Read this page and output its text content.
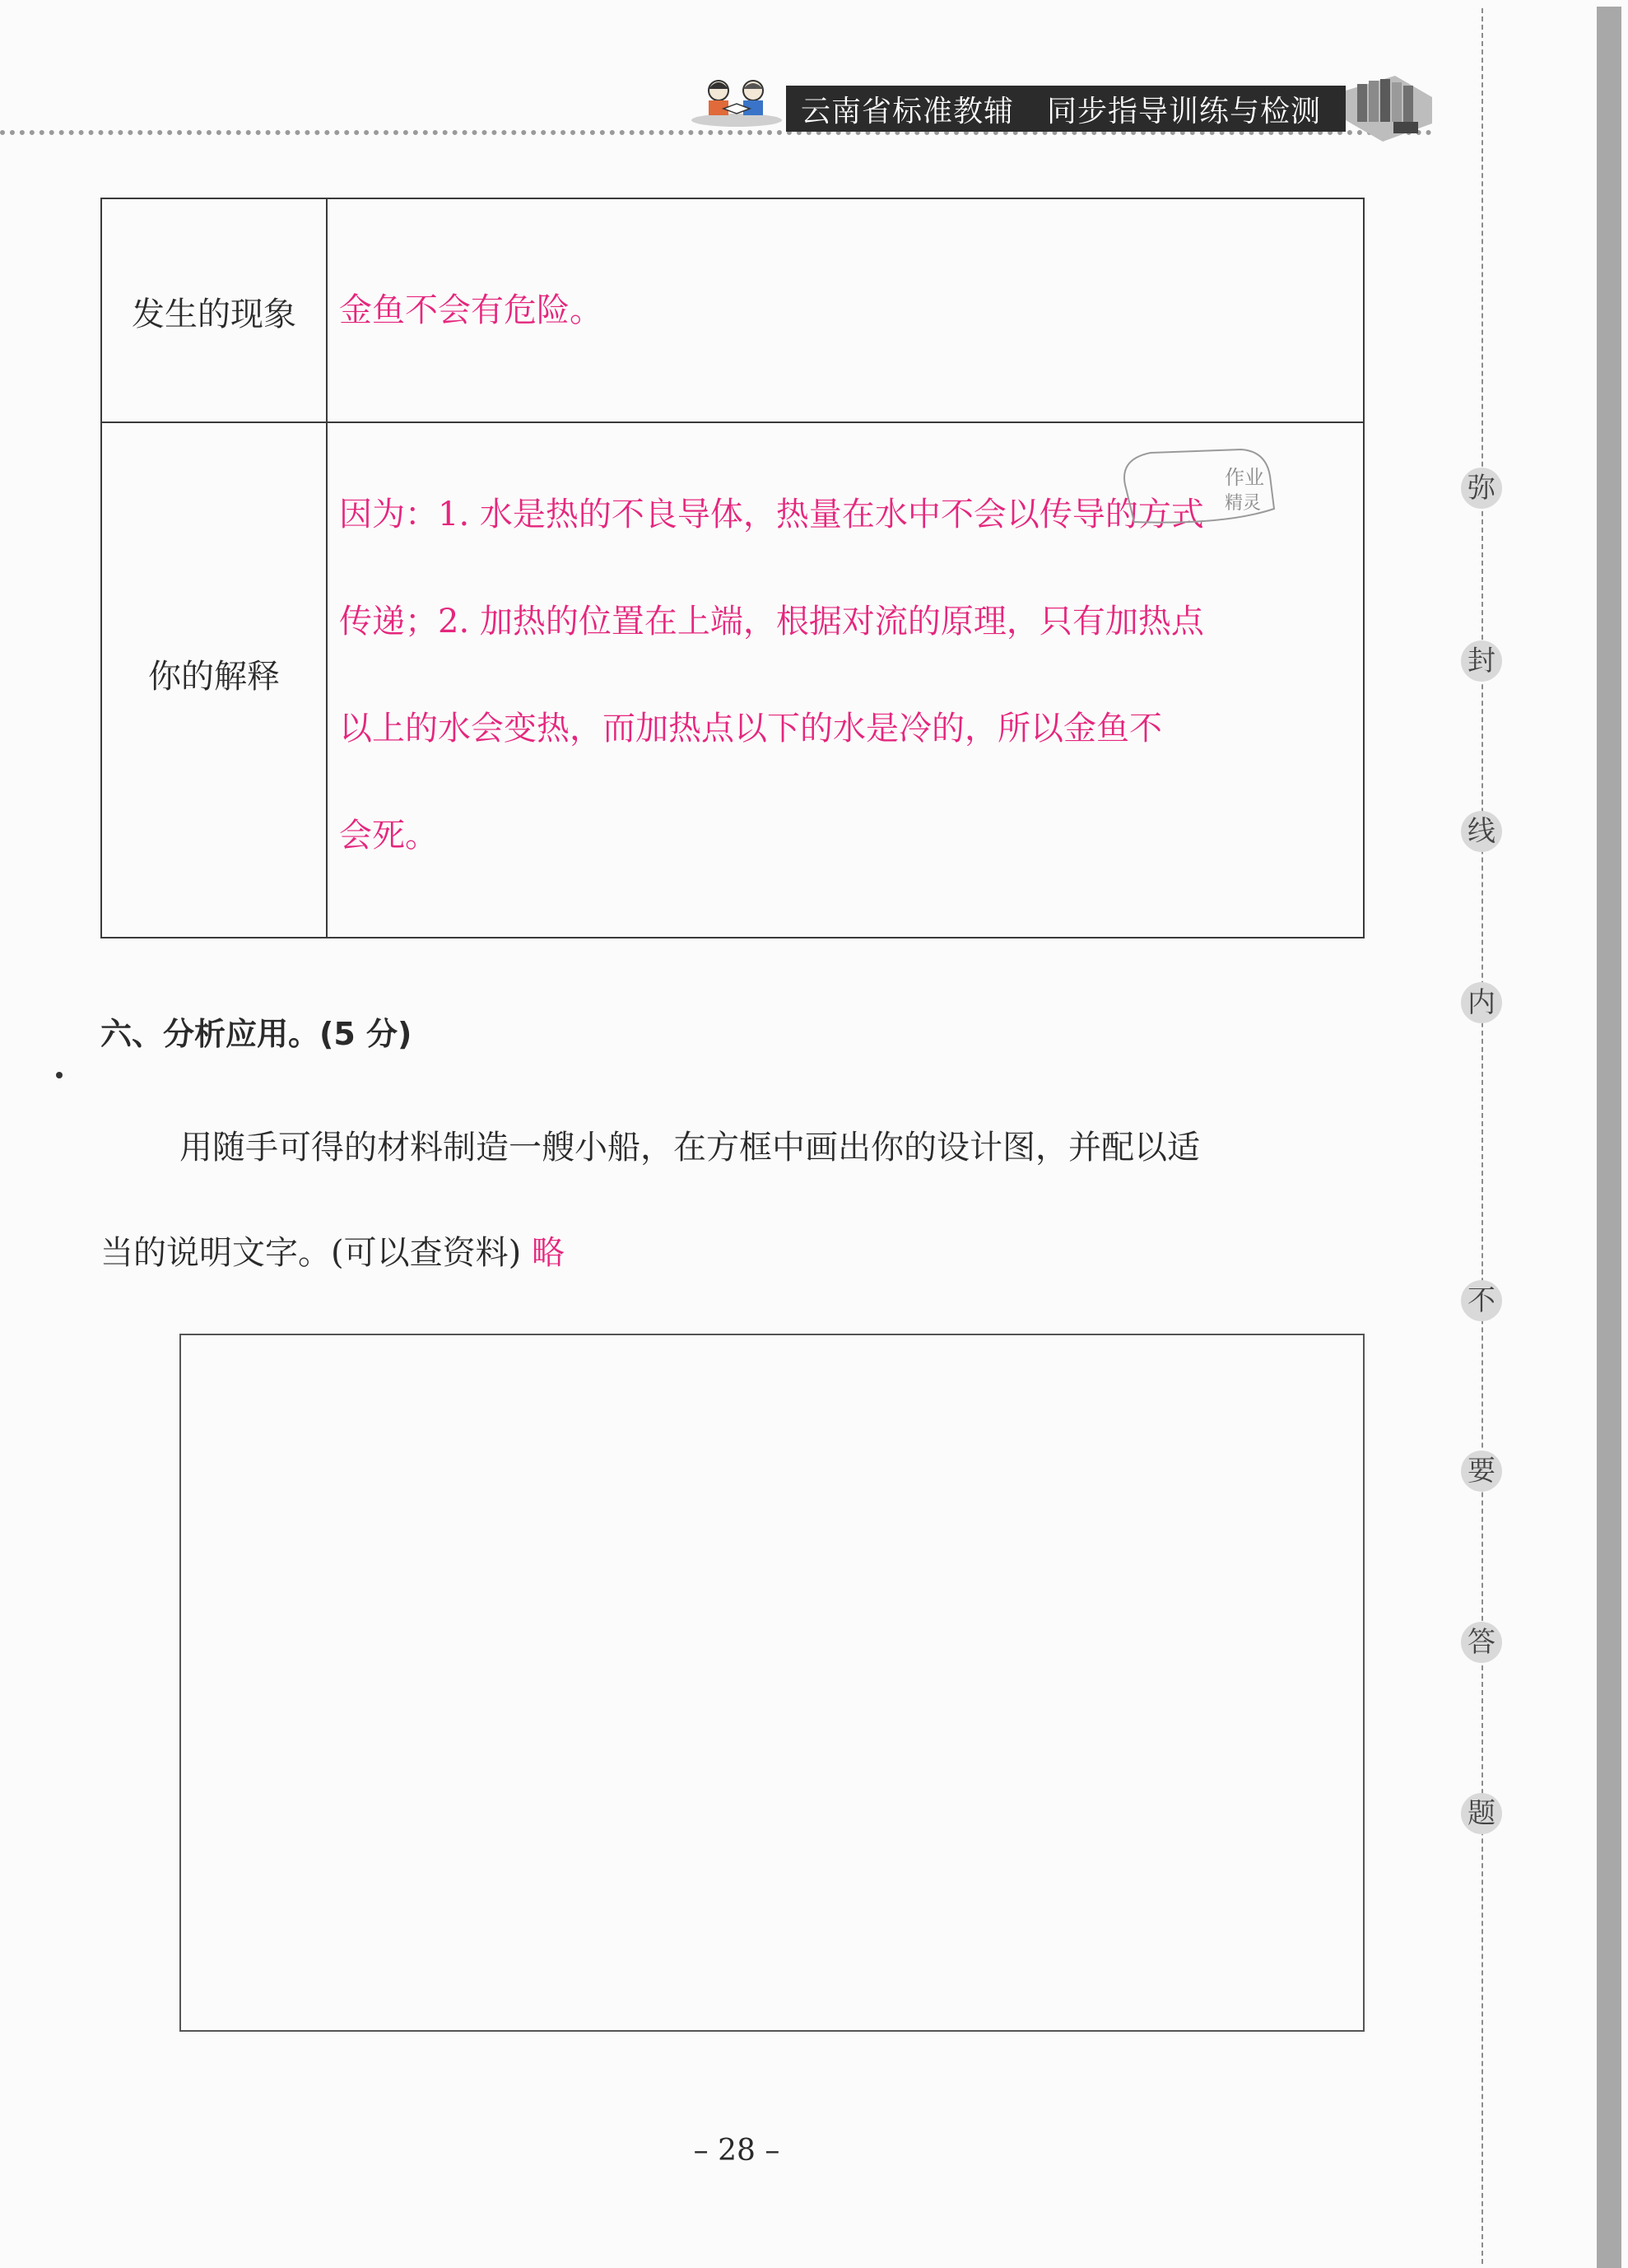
云南省标准教辅	同步指导训练与检测
弥
封
线
内
不
要
答
题
发生的现象	金鱼不会有危险。
你的解释
因为：1. 水是热的不良导体，热量在水中不会以传导的方式
传递；2. 加热的位置在上端，根据对流的原理，只有加热点
以上的水会变热，而加热点以下的水是冷的，所以金鱼不
会死。
作业
精灵
六、分析应用。(5 分)
用随手可得的材料制造一艘小船，在方框中画出你的设计图，并配以适
当的说明文字。(可以查资料) 略
– 28 –
